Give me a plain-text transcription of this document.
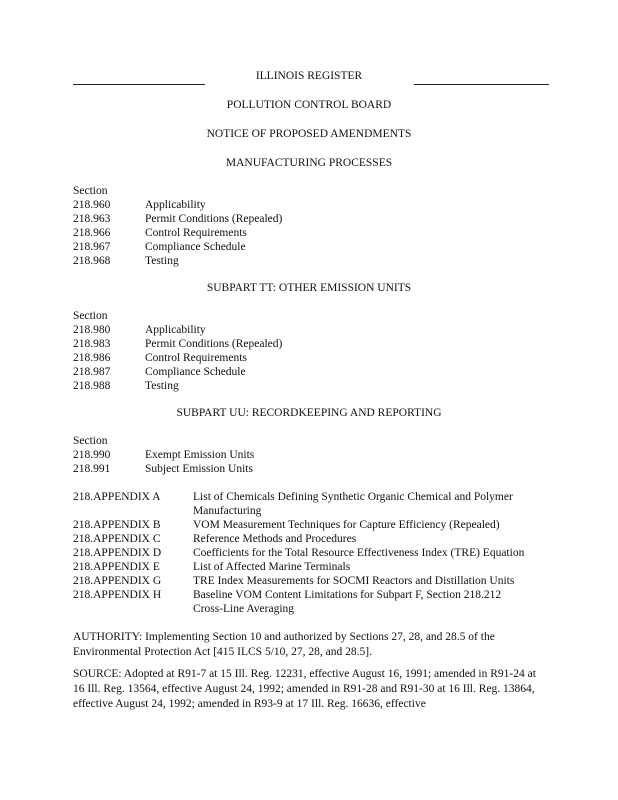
·
ILLINOIS REGISTER
POLLUTION CONTROL BOARD
NOTICE OF PROPOSED AMENDMENTS
MANUFACTURING PROCESSES
Section
218.960	Applicability
218.963	Permit Conditions (Repealed)
218.966	Control Requirements
218.967	Compliance Schedule
218.968	Testing
SUBPART TT: OTHER EMISSION UNITS
Section
218.980	Applicability
218.983	Permit Conditions (Repealed)
218.986	Control Requirements
218.987	Compliance Schedule
218.988	Testing
SUBPART UU: RECORDKEEPING AND REPORTING
Section
218.990	Exempt Emission Units
218.991	Subject Emission Units
218.APPENDIX A	List of Chemicals Defining Synthetic Organic Chemical and Polymer
Manufacturing
218.APPENDIX B	VOM Measurement Techniques for Capture Efficiency (Repealed)
218.APPENDIX C	Reference Methods and Procedures
218.APPENDIX D	Coefficients for the Total Resource Effectiveness Index (TRE) Equation
218.APPENDIX E	List of Affected Marine Terminals
218.APPENDIX G	TRE Index Measurements for SOCMI Reactors and Distillation Units
218.APPENDIX H	Baseline VOM Content Limitations for Subpart F, Section 218.212
Cross-Line Averaging
AUTHORITY: Implementing Section 10 and authorized by Sections 27, 28, and 28.5 of the Environmental Protection Act [415 ILCS 5/10, 27, 28, and 28.5].
SOURCE: Adopted at R91-7 at 15 Ill. Reg. 12231, effective August 16, 1991; amended in R91-24 at 16 Ill. Reg. 13564, effective August 24, 1992; amended in R91-28 and R91-30 at 16 Ill. Reg. 13864, effective August 24, 1992; amended in R93-9 at 17 Ill. Reg. 16636, effective
